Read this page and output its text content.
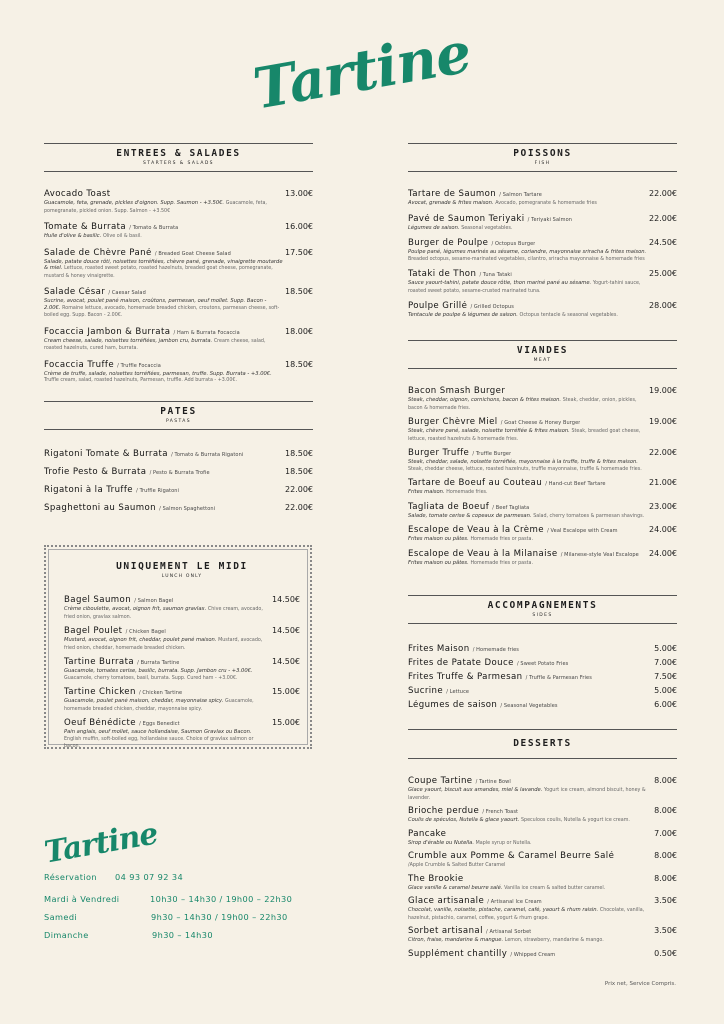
Tartine
ENTREES & SALADES
STARTERS & SALADS
Avocado Toast	13.00€
Guacamole, feta, grenade, pickles d'oignon. Supp. Saumon - +3.50€. Guacamole, feta, pomegranate, pickled onion. Supp. Salmon - +3.50€
Tomate & Burrata / Tomato & Burrata	16.00€
Huile d'olive & basilic. Olive oil & basil.
Salade de Chèvre Pané / Breaded Goat Cheese Salad	17.50€
Salade, patate douce rôti, noisettes torréfiées, chèvre pané, grenade, vinaigrette moutarde & miel. Lettuce, roasted sweet potato, roasted hazelnuts, breaded goat cheese, pomegranate, mustard & honey vinaigrette.
Salade César / Caesar Salad	18.50€
Sucrine, avocat, poulet pané maison, croûtons, parmesan, oeuf mollet. Supp. Bacon - 2.00€. Romaine lettuce, avocado, homemade breaded chicken, croutons, parmesan cheese, soft-boiled egg. Supp. Bacon - 2.00€.
Focaccia Jambon & Burrata / Ham & Burrata Focaccia	18.00€
Cream cheese, salade, noisettes torréfiées, jambon cru, burrata. Cream cheese, salad, roasted hazelnuts, cured ham, burrata.
Focaccia Truffe / Truffle Focaccia	18.50€
Crème de truffe, salade, noisettes torréfiées, parmesan, truffe. Supp. Burrata - +3.00€. Truffle cream, salad, roasted hazelnuts, Parmesan, truffle. Add burrata - +3.00€.
PATES
PASTAS
Rigatoni Tomate & Burrata / Tomato & Burrata Rigatoni	18.50€
Trofie Pesto & Burrata / Pesto & Burrata Trofie	18.50€
Rigatoni à la Truffe / Truffle Rigatoni	22.00€
Spaghettoni au Saumon / Salmon Spaghettoni	22.00€
UNIQUEMENT LE MIDI
LUNCH ONLY
Bagel Saumon / Salmon Bagel	14.50€
Crème ciboulette, avocat, oignon frit, saumon gravlax. Chive cream, avocado, fried onion, gravlax salmon.
Bagel Poulet / Chicken Bagel	14.50€
Mustard, avocat, oignon frit, cheddar, poulet pané maison. Mustard, avocado, fried onion, cheddar, homemade breaded chicken.
Tartine Burrata / Burrata Tartine	14.50€
Guacamole, tomates cerise, basilic, burrata. Supp. Jambon cru - +3.00€. Guacamole, cherry tomatoes, basil, burrata. Supp. Cured ham - +3.00€.
Tartine Chicken / Chicken Tartine	15.00€
Guacamole, poulet pané maison, cheddar, mayonnaise spicy. Guacamole, homemade breaded chicken, cheddar, mayonnaise spicy.
Oeuf Bénédicte / Eggs Benedict	15.00€
Pain anglais, oeuf mollet, sauce hollandaise, Saumon Gravlax ou Bacon. English muffin, soft-boiled egg, hollandaise sauce. Choice of gravlax salmon or bacon.
POISSONS
FISH
Tartare de Saumon / Salmon Tartare	22.00€
Avocat, grenade & frites maison. Avocado, pomegranate & homemade fries
Pavé de Saumon Teriyaki / Teriyaki Salmon	22.00€
Légumes de saison. Seasonal vegetables.
Burger de Poulpe / Octopus Burger	24.50€
Poulpe pané, légumes marinés au sésame, coriandre, mayonnaise sriracha & frites maison. Breaded octopus, sesame-marinated vegetables, cilantro, sriracha mayonnaise & homemade fries
Tataki de Thon / Tuna Tataki	25.00€
Sauce yaourt-tahini, patate douce rôtie, thon mariné pané au sésame. Yogurt-tahini sauce, roasted sweet potato, sesame-crusted marinated tuna.
Poulpe Grillé / Grilled Octopus	28.00€
Tentacule de poulpe & légumes de saison. Octopus tentacle & seasonal vegetables.
VIANDES
MEAT
Bacon Smash Burger	19.00€
Steak, cheddar, oignon, cornichons, bacon & frites maison. Steak, cheddar, onion, pickles, bacon & homemade fries.
Burger Chèvre Miel / Goat Cheese & Honey Burger	19.00€
Steak, chèvre pané, salade, noisette torréfiée & frites maison. Steak, breaded goat cheese, lettuce, roasted hazelnuts & homemade fries.
Burger Truffe / Truffle Burger	22.00€
Steak, cheddar, salade, noisette torréfiée, mayonnaise à la truffe, truffe & frites maison. Steak, cheddar cheese, lettuce, roasted hazelnuts, truffle mayonnaise, truffle & homemade fries.
Tartare de Boeuf au Couteau / Hand-cut Beef Tartare	21.00€
Frites maison. Homemade fries.
Tagliata de Boeuf / Beef Tagliata	23.00€
Salade, tomate cerise & copeaux de parmesan. Salad, cherry tomatoes & parmesan shavings.
Escalope de Veau à la Crème / Veal Escalope with Cream	24.00€
Frites maison ou pâtes. Homemade fries or pasta.
Escalope de Veau à la Milanaise / Milanese-style Veal Escalope 24.00€
Frites maison ou pâtes. Homemade fries or pasta.
ACCOMPAGNEMENTS
SIDES
Frites Maison / Homemade fries	5.00€
Frites de Patate Douce / Sweet Potato Fries	7.00€
Frites Truffe & Parmesan / Truffle & Parmesan Fries	7.50€
Sucrine / Lettuce	5.00€
Légumes de saison / Seasonal Vegetables	6.00€
DESSERTS
Coupe Tartine / Tartine Bowl	8.00€
Glace yaourt, biscuit aux amandes, miel & lavande. Yogurt ice cream, almond biscuit, honey & lavender.
Brioche perdue / French Toast	8.00€
Coulis de spéculos, Nutella & glace yaourt. Speculoos coulis, Nutella & yogurt ice cream.
Pancake	7.00€
Sirop d'érable ou Nutella. Maple syrup or Nutella.
Crumble aux Pomme & Caramel Beurre Salé	8.00€
/Apple Crumble & Salted Butter Caramel
The Brookie	8.00€
Glace vanille & caramel beurre salé. Vanilla ice cream & salted butter caramel.
Glace artisanale / Artisanal Ice Cream	3.50€
Chocolat, vanille, noisette, pistache, caramel, café, yaourt & rhum raisin. Chocolate, vanilla, hazelnut, pistachio, caramel, coffee, yogurt & rhum grape.
Sorbet artisanal / Artisanal Sorbet	3.50€
Citron, fraise, mandarine & mangue. Lemon, strawberry, mandarine & mango.
Supplément chantilly / Whipped Cream	0.50€
Tartine
Réservation 04 93 07 92 34
Mardi à Vendredi	10h30 – 14h30 / 19h00 – 22h30
Samedi	9h30 – 14h30 / 19h00 – 22h30
Dimanche	9h30 – 14h30
Prix net, Service Compris.
